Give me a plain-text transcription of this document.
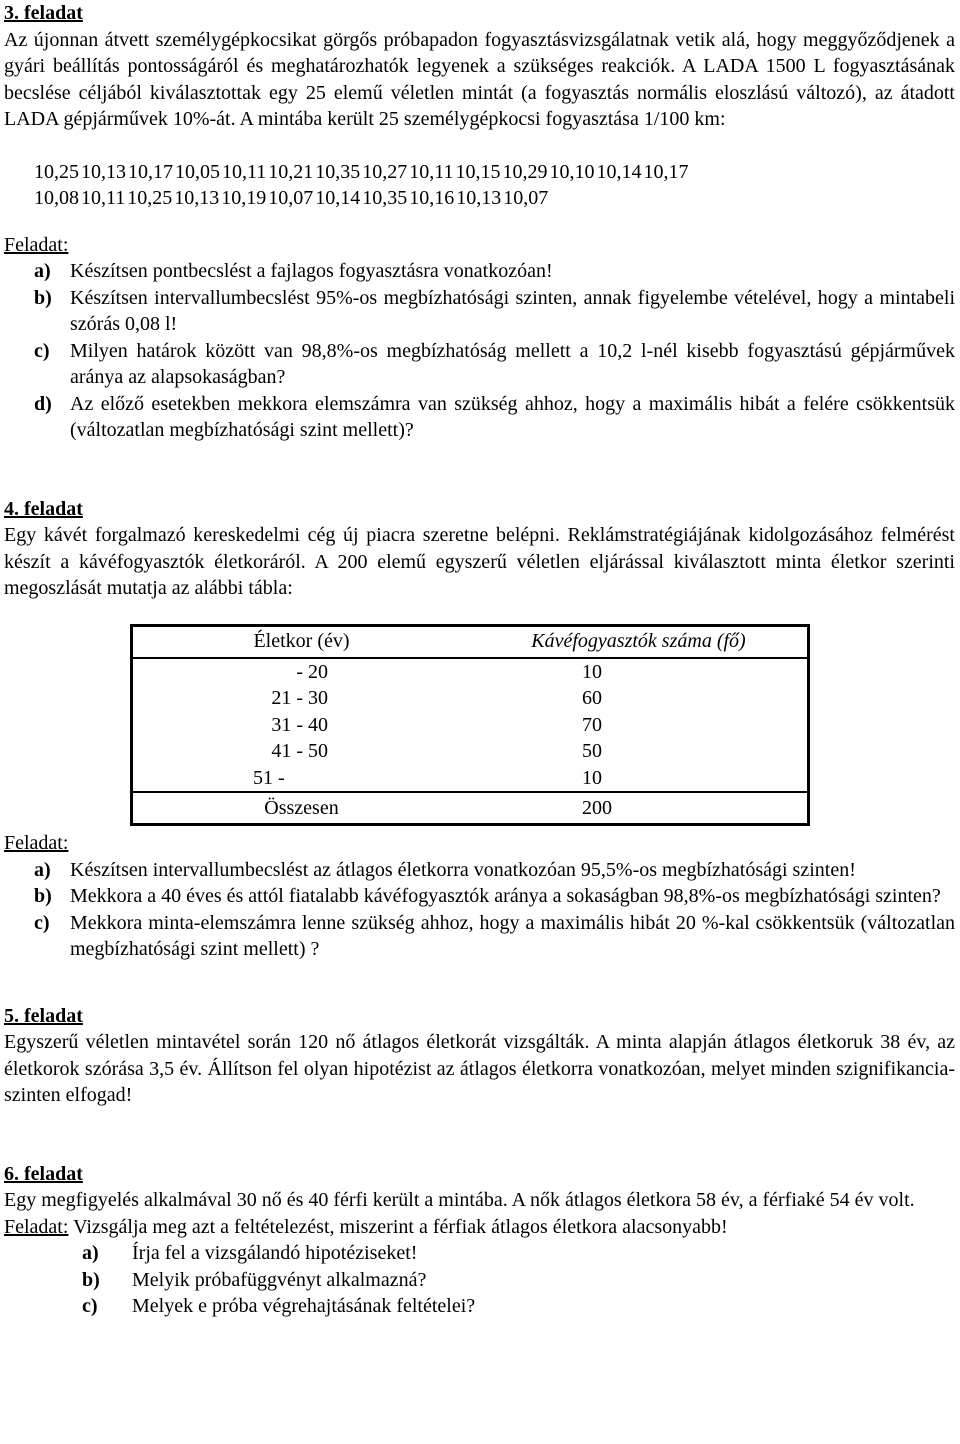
3. feladat
Az újonnan átvett személygépkocsikat görgős próbapadon fogyasztásvizsgálatnak vetik alá, hogy meggyőződjenek a gyári beállítás pontosságáról és meghatározhatók legyenek a szükséges reakciók. A LADA 1500 L fogyasztásának becslése céljából kiválasztottak egy 25 elemű véletlen mintát (a fogyasztás normális eloszlású változó), az átadott LADA gépjárművek 10%-át. A mintába került 25 személygépkocsi fogyasztása 1/100 km:
10,25  10,13  10,17  10,05  10,11  10,21  10,35  10,27  10,11  10,15  10,29  10,10  10,14  10,17
10,08  10,11  10,25  10,13  10,19  10,07  10,14  10,35  10,16  10,13  10,07
Feladat:
a) Készítsen pontbecslést a fajlagos fogyasztásra vonatkozóan!
b) Készítsen intervallumbecslést 95%-os megbízhatósági szinten, annak figyelembe vételével, hogy a mintabeli szórás 0,08 l!
c)	Milyen határok között van 98,8%-os megbízhatóság mellett a 10,2 l-nél kisebb fogyasztású gépjárművek aránya az alapsokaságban?
d) Az előző esetekben mekkora elemszámra van szükség ahhoz, hogy a maximális hibát a felére csökkentsük (változatlan megbízhatósági szint mellett)?
4. feladat
Egy kávét forgalmazó kereskedelmi cég új piacra szeretne belépni. Reklámstratégiájának kidolgozásához felmérést készít a kávéfogyasztók életkoráról. A 200 elemű egyszerű véletlen eljárással kiválasztott minta életkor szerinti megoszlását mutatja az alábbi tábla:
Életkor (év)	Kávéfogyasztók száma (fő)
- 20	10
21 - 30	60
31 - 40	70
41 - 50	50
51 -	10
Összesen	200
Feladat:
a) Készítsen intervallumbecslést az átlagos életkorra vonatkozóan 95,5%-os megbízhatósági szinten!
b) Mekkora a 40 éves és attól fiatalabb kávéfogyasztók aránya a sokaságban 98,8%-os megbízhatósági szinten?
c)	Mekkora minta-elemszámra lenne szükség ahhoz, hogy a maximális hibát 20 %-kal csökkentsük (változatlan megbízhatósági szint mellett) ?
5. feladat
Egyszerű véletlen mintavétel során 120 nő átlagos életkorát vizsgálták. A minta alapján átlagos életkoruk 38 év, az életkorok szórása 3,5 év. Állítson fel olyan hipotézist az átlagos életkorra vonatkozóan, melyet minden szignifikancia-szinten elfogad!
6. feladat
Egy megfigyelés alkalmával 30 nő és 40 férfi került a mintába. A nők átlagos életkora 58 év, a férfiaké 54 év volt.
Feladat: Vizsgálja meg azt a feltételezést, miszerint a férfiak átlagos életkora alacsonyabb!
a)	Írja fel a vizsgálandó hipotéziseket!
b)	Melyik próbafüggvényt alkalmazná?
c)	Melyek e próba végrehajtásának feltételei?
